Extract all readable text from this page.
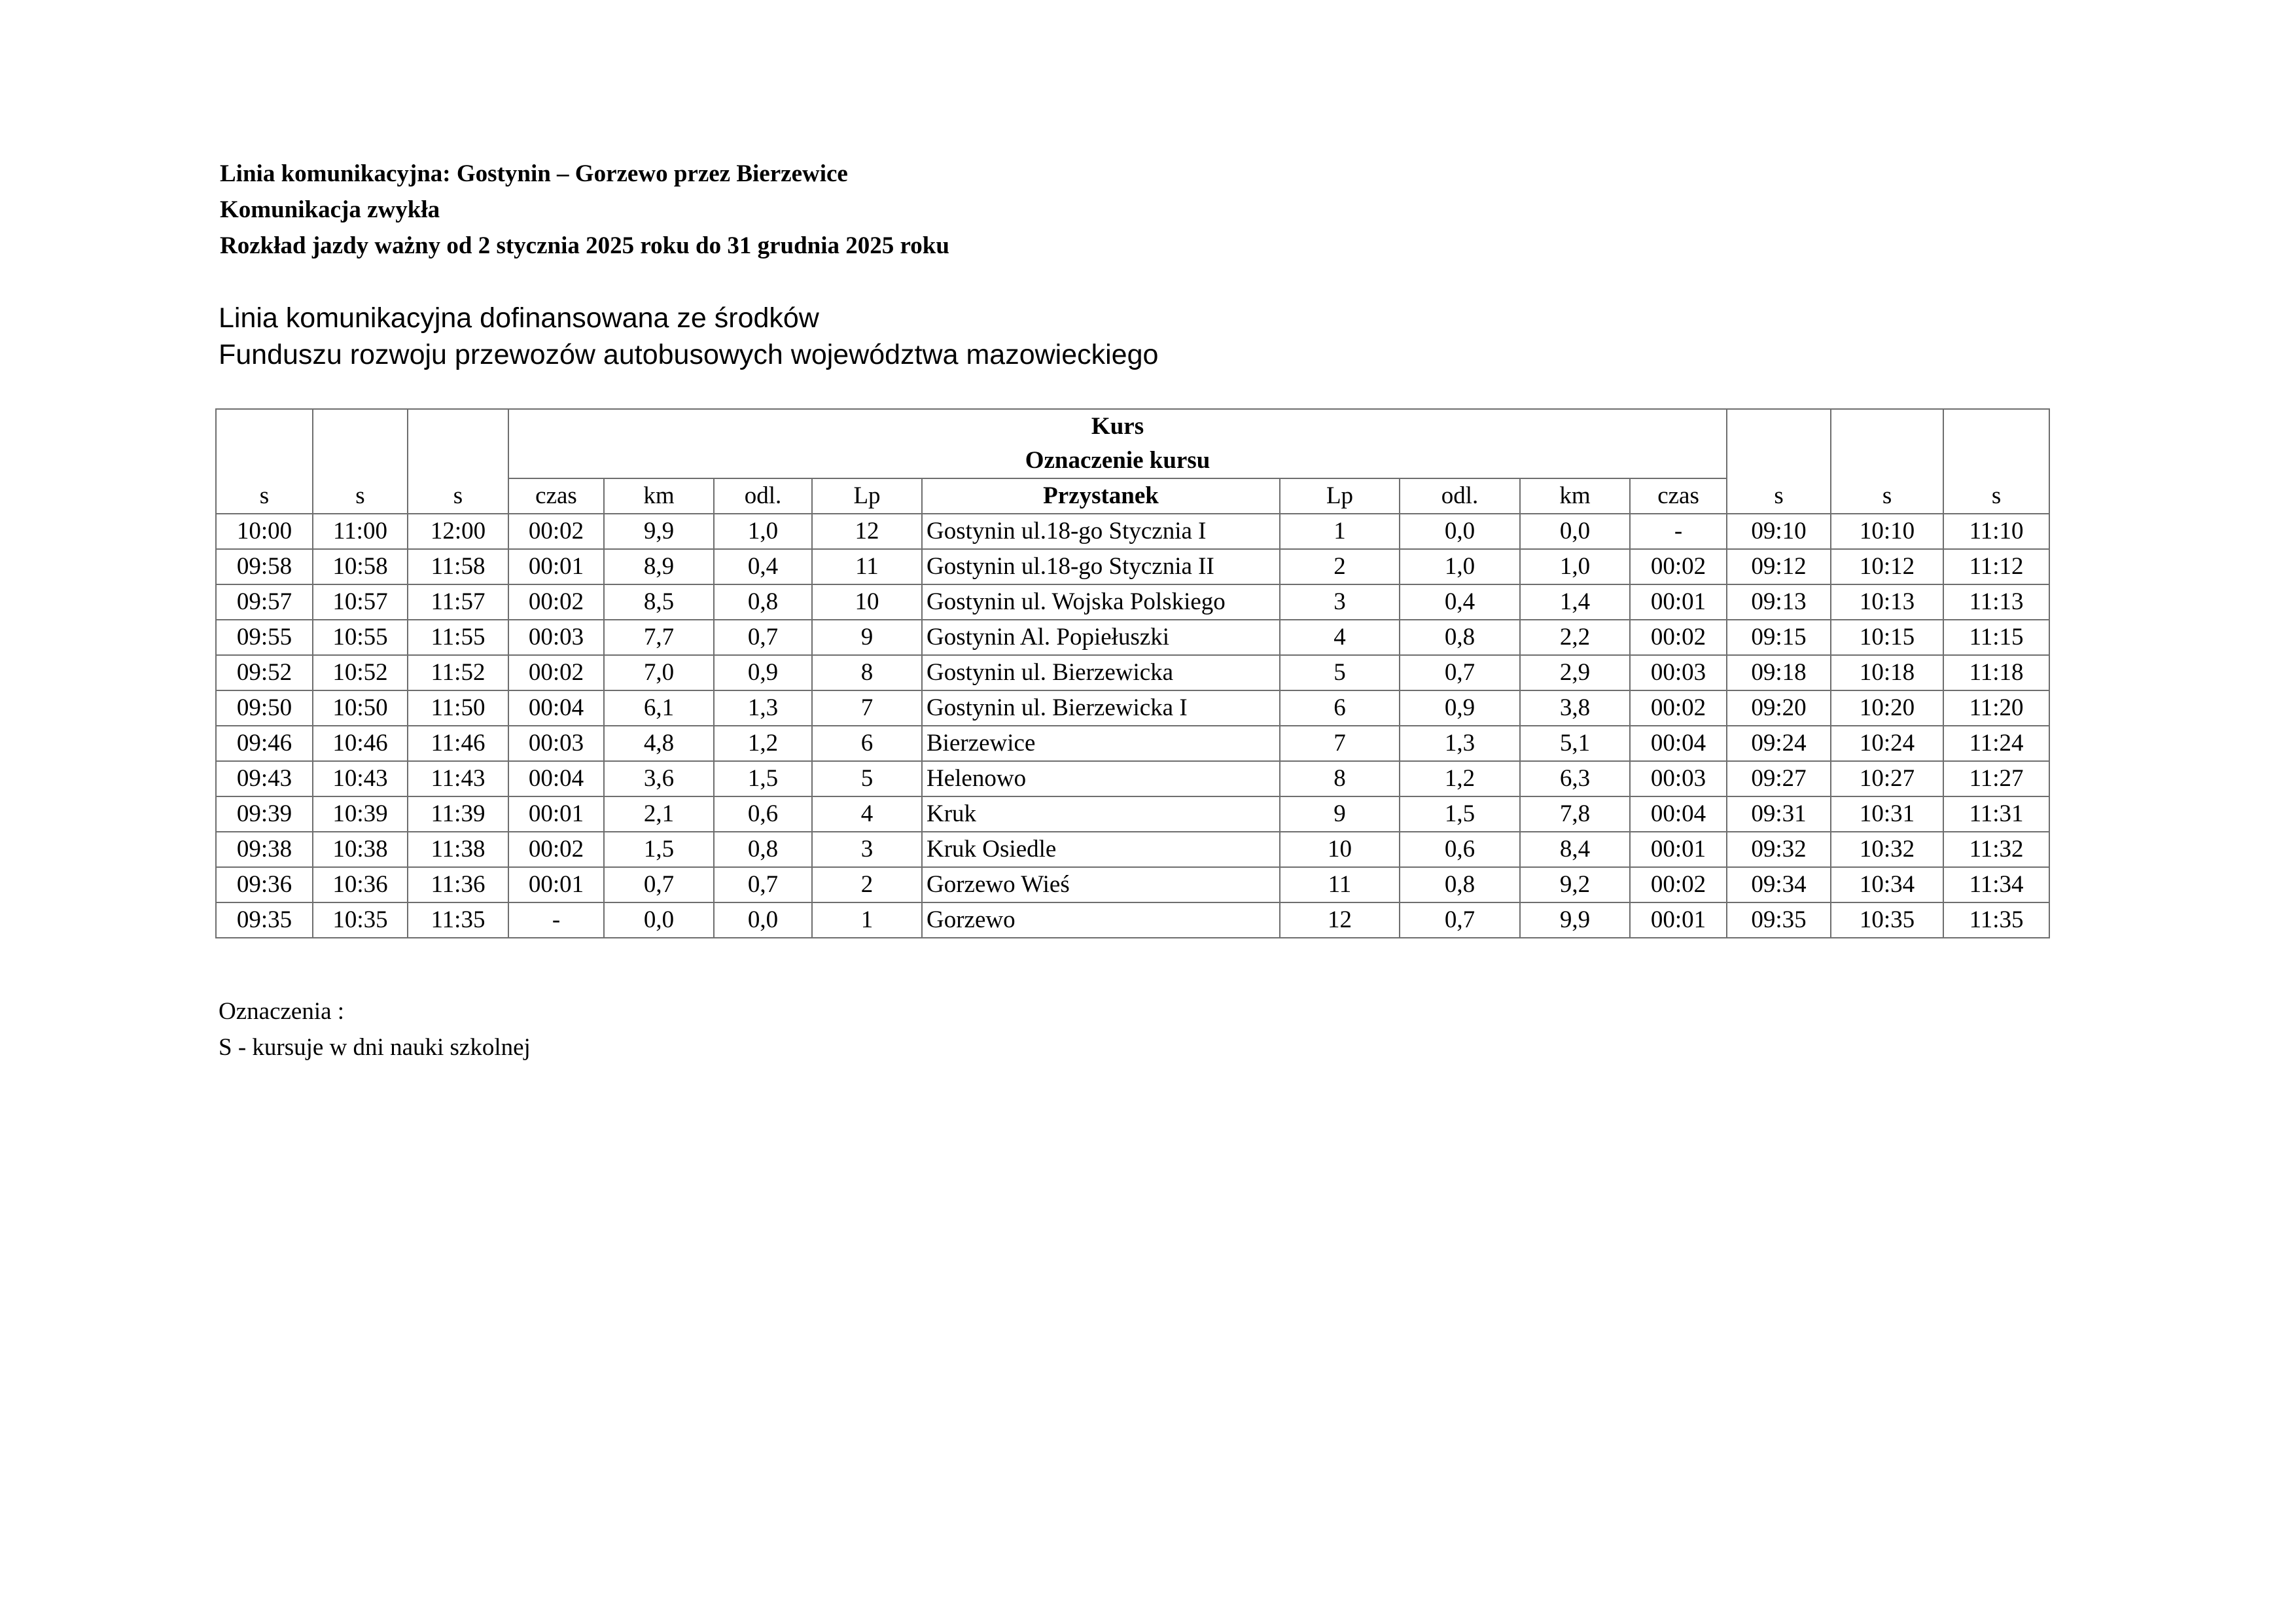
Linia komunikacyjna: Gostynin – Gorzewo przez Bierzewice
Komunikacja zwykła
Rozkład jazdy ważny od 2 stycznia 2025 roku do 31 grudnia 2025 roku
Linia komunikacyjna dofinansowana ze środków
Funduszu rozwoju przewozów autobusowych województwa mazowieckiego
s	s	s	Kurs									s	s	s
			Oznaczenie kursu											
			czas	km	odl.	Lp	Przystanek	Lp	odl.	km	czas			
10:00	11:00	12:00	00:02	9,9	1,0	12	Gostynin ul.18-go Stycznia I	1	0,0	0,0	-	09:10	10:10	11:10
09:58	10:58	11:58	00:01	8,9	0,4	11	Gostynin ul.18-go Stycznia II	2	1,0	1,0	00:02	09:12	10:12	11:12
09:57	10:57	11:57	00:02	8,5	0,8	10	Gostynin ul. Wojska Polskiego	3	0,4	1,4	00:01	09:13	10:13	11:13
09:55	10:55	11:55	00:03	7,7	0,7	9	Gostynin Al. Popiełuszki	4	0,8	2,2	00:02	09:15	10:15	11:15
09:52	10:52	11:52	00:02	7,0	0,9	8	Gostynin ul. Bierzewicka	5	0,7	2,9	00:03	09:18	10:18	11:18
09:50	10:50	11:50	00:04	6,1	1,3	7	Gostynin ul. Bierzewicka I	6	0,9	3,8	00:02	09:20	10:20	11:20
09:46	10:46	11:46	00:03	4,8	1,2	6	Bierzewice	7	1,3	5,1	00:04	09:24	10:24	11:24
09:43	10:43	11:43	00:04	3,6	1,5	5	Helenowo	8	1,2	6,3	00:03	09:27	10:27	11:27
09:39	10:39	11:39	00:01	2,1	0,6	4	Kruk	9	1,5	7,8	00:04	09:31	10:31	11:31
09:38	10:38	11:38	00:02	1,5	0,8	3	Kruk Osiedle	10	0,6	8,4	00:01	09:32	10:32	11:32
09:36	10:36	11:36	00:01	0,7	0,7	2	Gorzewo Wieś	11	0,8	9,2	00:02	09:34	10:34	11:34
09:35	10:35	11:35	-	0,0	0,0	1	Gorzewo	12	0,7	9,9	00:01	09:35	10:35	11:35
Oznaczenia :
S - kursuje w dni nauki szkolnej
